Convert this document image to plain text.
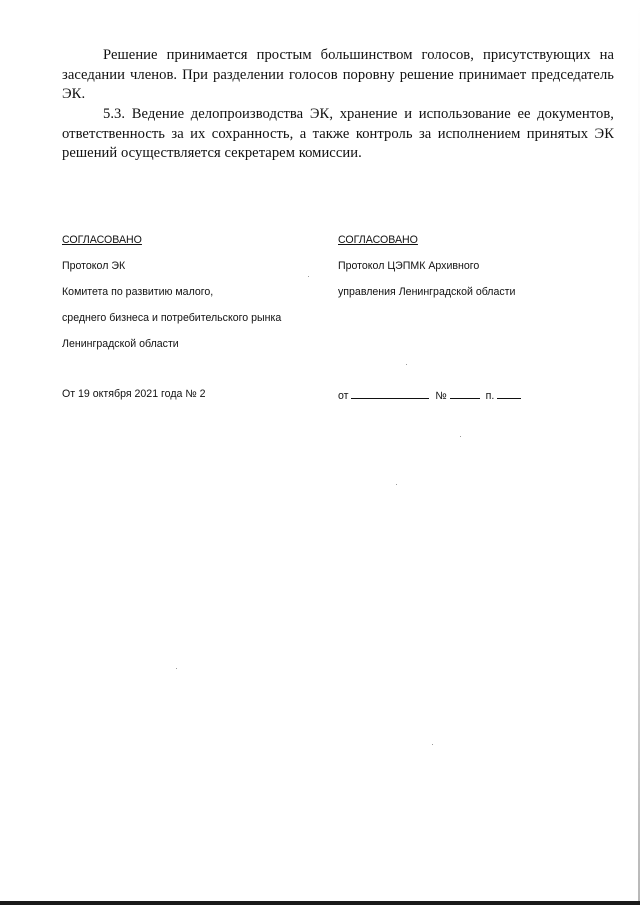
Решение принимается простым большинством голосов, присутствующих на заседании членов. При разделении голосов поровну решение принимает председатель ЭК.
5.3. Ведение делопроизводства ЭК, хранение и использование ее документов, ответственность за их сохранность, а также контроль за исполнением принятых ЭК решений осуществляется секретарем комиссии.
СОГЛАСОВАНО
Протокол ЭК
Комитета по развитию малого,
среднего бизнеса и потребительского рынка
Ленинградской области
От 19 октября 2021 года № 2
СОГЛАСОВАНО
Протокол ЦЭПМК Архивного
управления Ленинградской области
от	№	п.
